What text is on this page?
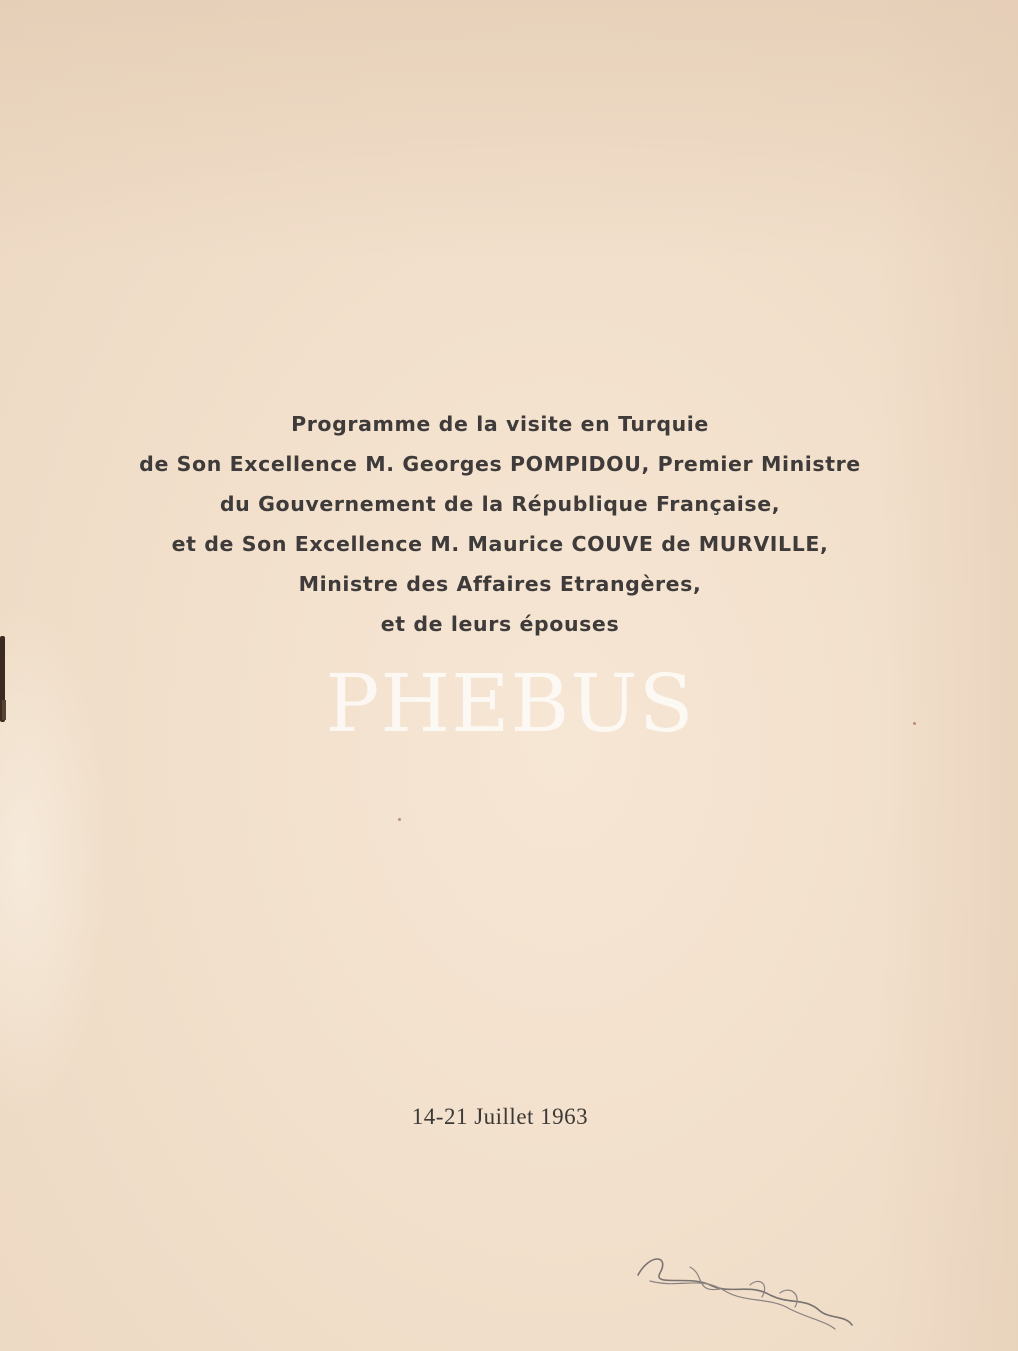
Programme de la visite en Turquie
de Son Excellence M. Georges POMPIDOU, Premier Ministre
du Gouvernement de la République Française,
et de Son Excellence M. Maurice COUVE de MURVILLE,
Ministre des Affaires Etrangères,
et de leurs épouses
PHEBUS
14-21 Juillet 1963
